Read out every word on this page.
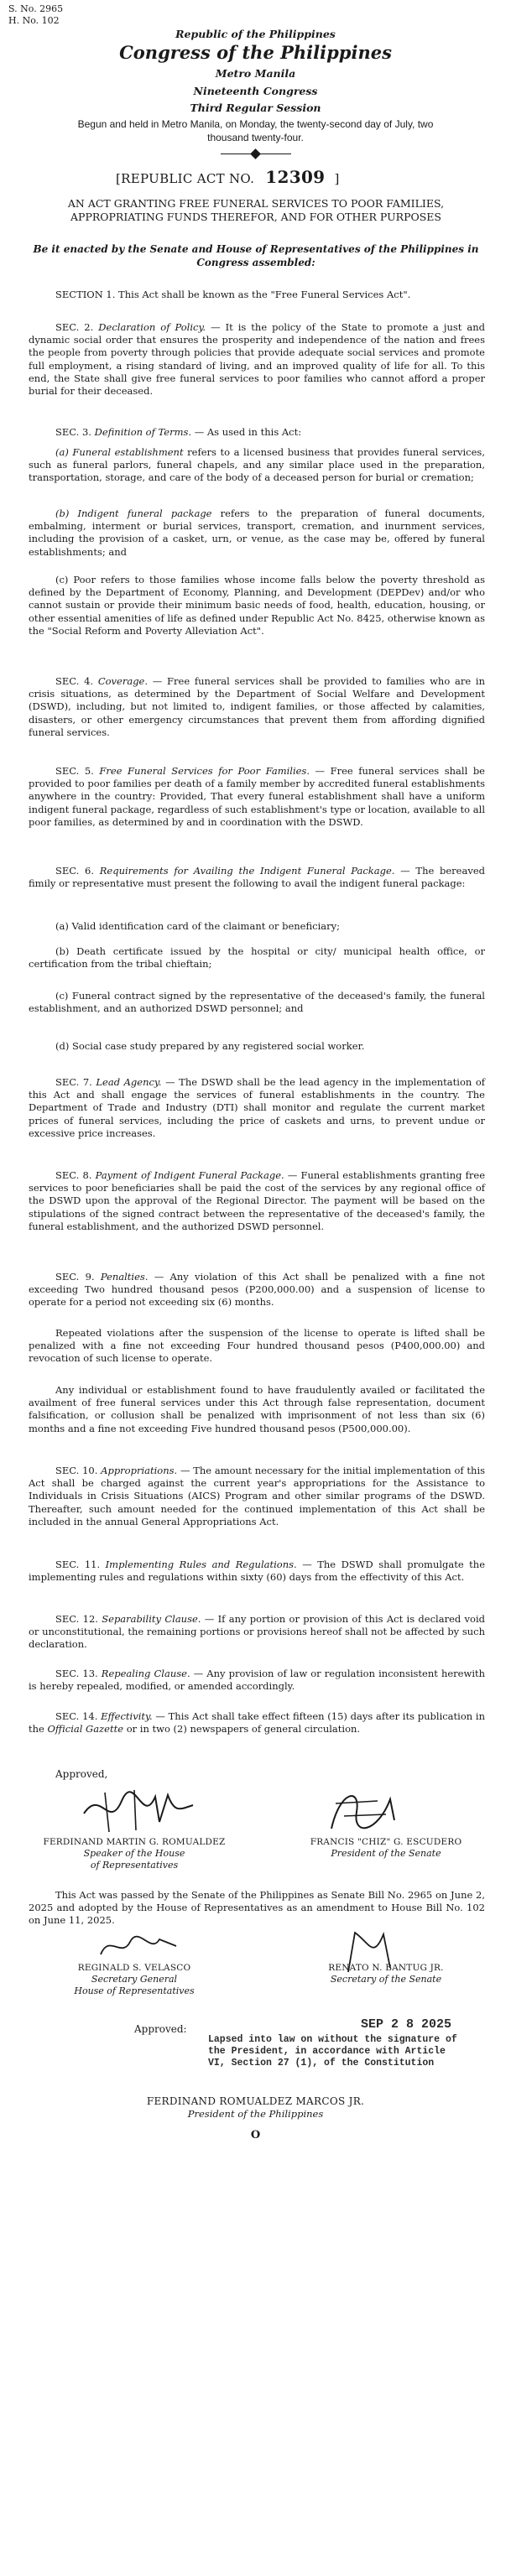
S. No. 2965
H. No. 102
Republic of the Philippines
Congress of the Philippines
Metro Manila
Nineteenth Congress
Third Regular Session
Begun and held in Metro Manila, on Monday, the twenty-second day of July, two thousand twenty-four.
[REPUBLIC ACT NO. 12309 ]
AN ACT GRANTING FREE FUNERAL SERVICES TO POOR FAMILIES, APPROPRIATING FUNDS THEREFOR, AND FOR OTHER PURPOSES
Be it enacted by the Senate and House of Representatives of the Philippines in Congress assembled:
SECTION 1. This Act shall be known as the "Free Funeral Services Act".
SEC. 2. Declaration of Policy. — It is the policy of the State to promote a just and dynamic social order that ensures the prosperity and independence of the nation and frees the people from poverty through policies that provide adequate social services and promote full employment, a rising standard of living, and an improved quality of life for all. To this end, the State shall give free funeral services to poor families who cannot afford a proper burial for their deceased.
SEC. 3. Definition of Terms. — As used in this Act:
(a) Funeral establishment refers to a licensed business that provides funeral services, such as funeral parlors, funeral chapels, and any similar place used in the preparation, transportation, storage, and care of the body of a deceased person for burial or cremation;
(b) Indigent funeral package refers to the preparation of funeral documents, embalming, interment or burial services, transport, cremation, and inurnment services, including the provision of a casket, urn, or venue, as the case may be, offered by funeral establishments; and
(c) Poor refers to those families whose income falls below the poverty threshold as defined by the Department of Economy, Planning, and Development (DEPDev) and/or who cannot sustain or provide their minimum basic needs of food, health, education, housing, or other essential amenities of life as defined under Republic Act No. 8425, otherwise known as the "Social Reform and Poverty Alleviation Act".
SEC. 4. Coverage. — Free funeral services shall be provided to families who are in crisis situations, as determined by the Department of Social Welfare and Development (DSWD), including, but not limited to, indigent families, or those affected by calamities, disasters, or other emergency circumstances that prevent them from affording dignified funeral services.
SEC. 5. Free Funeral Services for Poor Families. — Free funeral services shall be provided to poor families per death of a family member by accredited funeral establishments anywhere in the country: Provided, That every funeral establishment shall have a uniform indigent funeral package, regardless of such establishment's type or location, available to all poor families, as determined by and in coordination with the DSWD.
SEC. 6. Requirements for Availing the Indigent Funeral Package. — The bereaved fimily or representative must present the following to avail the indigent funeral package:
(a) Valid identification card of the claimant or beneficiary;
(b) Death certificate issued by the hospital or city/ municipal health office, or certification from the tribal chieftain;
(c) Funeral contract signed by the representative of the deceased's family, the funeral establishment, and an authorized DSWD personnel; and
(d) Social case study prepared by any registered social worker.
SEC. 7. Lead Agency. — The DSWD shall be the lead agency in the implementation of this Act and shall engage the services of funeral establishments in the country. The Department of Trade and Industry (DTI) shall monitor and regulate the current market prices of funeral services, including the price of caskets and urns, to prevent undue or excessive price increases.
SEC. 8. Payment of Indigent Funeral Package. — Funeral establishments granting free services to poor beneficiaries shall be paid the cost of the services by any regional office of the DSWD upon the approval of the Regional Director. The payment will be based on the stipulations of the signed contract between the representative of the deceased's family, the funeral establishment, and the authorized DSWD personnel.
SEC. 9. Penalties. — Any violation of this Act shall be penalized with a fine not exceeding Two hundred thousand pesos (P200,000.00) and a suspension of license to operate for a period not exceeding six (6) months.
Repeated violations after the suspension of the license to operate is lifted shall be penalized with a fine not exceeding Four hundred thousand pesos (P400,000.00) and revocation of such license to operate.
Any individual or establishment found to have fraudulently availed or facilitated the availment of free funeral services under this Act through false representation, document falsification, or collusion shall be penalized with imprisonment of not less than six (6) months and a fine not exceeding Five hundred thousand pesos (P500,000.00).
SEC. 10. Appropriations. — The amount necessary for the initial implementation of this Act shall be charged against the current year's appropriations for the Assistance to Individuals in Crisis Situations (AICS) Program and other similar programs of the DSWD. Thereafter, such amount needed for the continued implementation of this Act shall be included in the annual General Appropriations Act.
SEC. 11. Implementing Rules and Regulations. — The DSWD shall promulgate the implementing rules and regulations within sixty (60) days from the effectivity of this Act.
SEC. 12. Separability Clause. — If any portion or provision of this Act is declared void or unconstitutional, the remaining portions or provisions hereof shall not be affected by such declaration.
SEC. 13. Repealing Clause. — Any provision of law or regulation inconsistent herewith is hereby repealed, modified, or amended accordingly.
SEC. 14. Effectivity. — This Act shall take effect fifteen (15) days after its publication in the Official Gazette or in two (2) newspapers of general circulation.
Approved,
FERDINAND MARTIN G. ROMUALDEZ
Speaker of the House
of Representatives
FRANCIS "CHIZ" G. ESCUDERO
President of the Senate
This Act was passed by the Senate of the Philippines as Senate Bill No. 2965 on June 2, 2025 and adopted by the House of Representatives as an amendment to House Bill No. 102 on June 11, 2025.
REGINALD S. VELASCO
Secretary General
House of Representatives
RENATO N. BANTUG JR.
Secretary of the Senate
Approved:	SEP 2 8 2025
Lapsed into law on without the signature of the President, in accordance with Article VI, Section 27 (1), of the Constitution
FERDINAND ROMUALDEZ MARCOS JR.
President of the Philippines
O
